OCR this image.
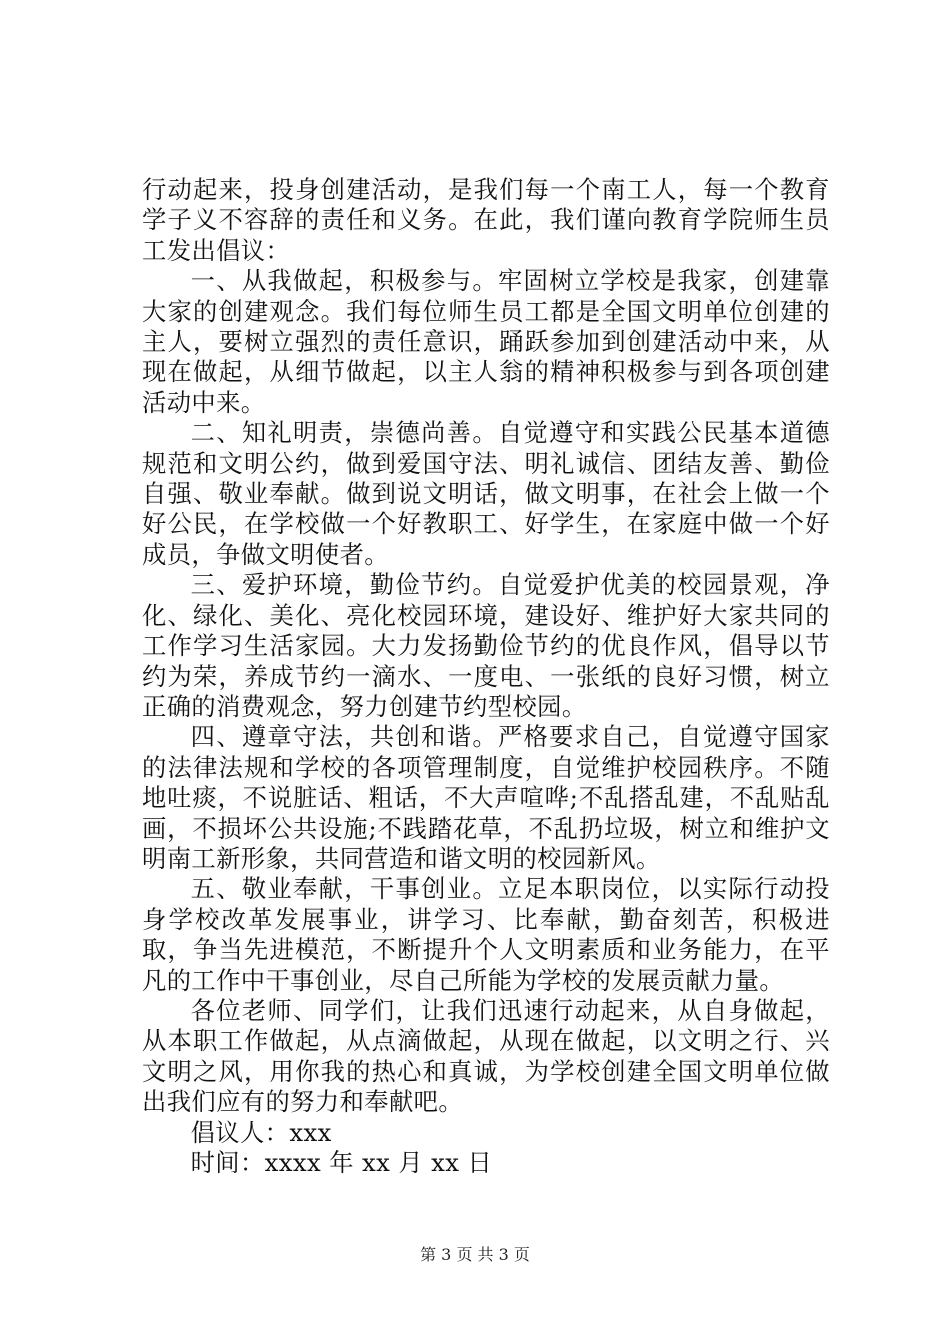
行动起来，投身创建活动，是我们每一个南工人，每一个教育学子义不容辞的责任和义务。在此，我们谨向教育学院师生员工发出倡议：

一、从我做起，积极参与。牢固树立学校是我家，创建靠大家的创建观念。我们每位师生员工都是全国文明单位创建的主人，要树立强烈的责任意识，踊跃参加到创建活动中来，从现在做起，从细节做起，以主人翁的精神积极参与到各项创建活动中来。

二、知礼明责，崇德尚善。自觉遵守和实践公民基本道德规范和文明公约，做到爱国守法、明礼诚信、团结友善、勤俭自强、敬业奉献。做到说文明话，做文明事，在社会上做一个好公民，在学校做一个好教职工、好学生，在家庭中做一个好成员，争做文明使者。

三、爱护环境，勤俭节约。自觉爱护优美的校园景观，净化、绿化、美化、亮化校园环境，建设好、维护好大家共同的工作学习生活家园。大力发扬勤俭节约的优良作风，倡导以节约为荣，养成节约一滴水、一度电、一张纸的良好习惯，树立正确的消费观念，努力创建节约型校园。

四、遵章守法，共创和谐。严格要求自己，自觉遵守国家的法律法规和学校的各项管理制度，自觉维护校园秩序。不随地吐痰，不说脏话、粗话，不大声喧哗;不乱搭乱建，不乱贴乱画，不损坏公共设施;不践踏花草，不乱扔垃圾，树立和维护文明南工新形象，共同营造和谐文明的校园新风。

五、敬业奉献，干事创业。立足本职岗位，以实际行动投身学校改革发展事业，讲学习、比奉献，勤奋刻苦，积极进取，争当先进模范，不断提升个人文明素质和业务能力，在平凡的工作中干事创业，尽自己所能为学校的发展贡献力量。

各位老师、同学们，让我们迅速行动起来，从自身做起，从本职工作做起，从点滴做起，从现在做起，以文明之行、兴文明之风，用你我的热心和真诚，为学校创建全国文明单位做出我们应有的努力和奉献吧。

倡议人：xxx

时间：xxxx 年 xx 月 xx 日

第 3 页 共 3 页
